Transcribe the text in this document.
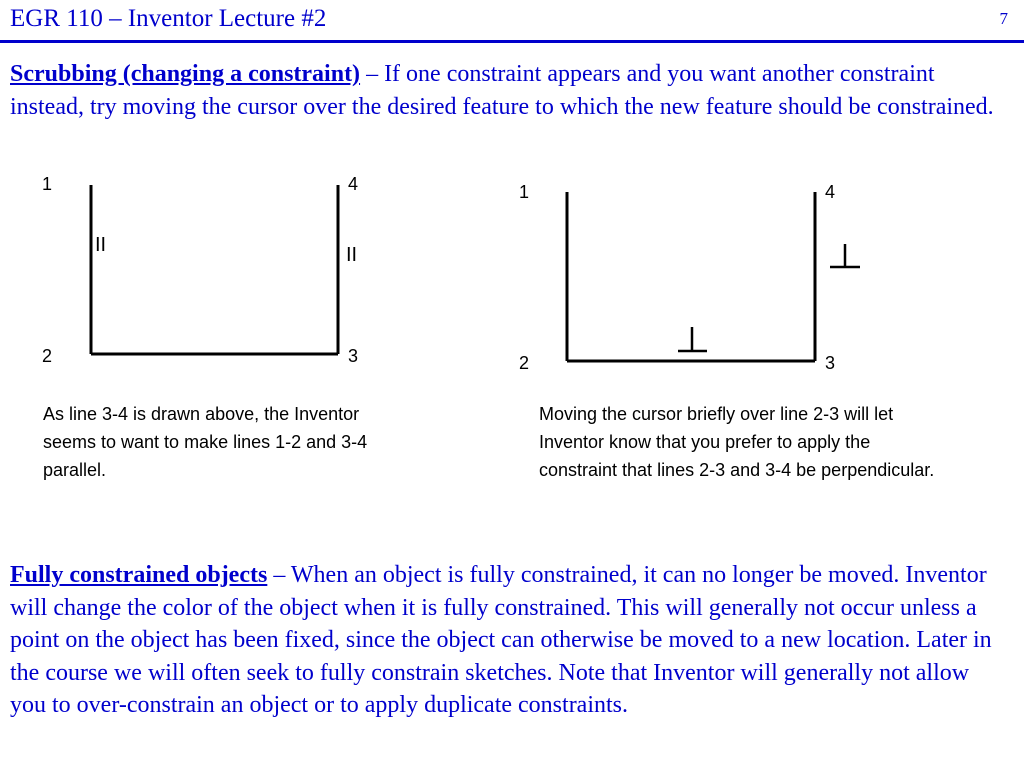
EGR 110 – Inventor Lecture #2	7

Scrubbing (changing a constraint) – If one constraint appears and you want another constraint instead, try moving the cursor over the desired feature to which the new feature should be constrained.

1
2	3
4
II	II
1
2	3
4

As line 3-4 is drawn above, the Inventor seems to want to make lines 1-2 and 3-4 parallel.

Moving the cursor briefly over line 2-3 will let Inventor know that you prefer to apply the constraint that lines 2-3 and 3-4 be perpendicular.

Fully constrained objects – When an object is fully constrained, it can no longer be moved. Inventor will change the color of the object when it is fully constrained. This will generally not occur unless a point on the object has been fixed, since the object can otherwise be moved to a new location. Later in the course we will often seek to fully constrain sketches. Note that Inventor will generally not allow you to over-constrain an object or to apply duplicate constraints.
